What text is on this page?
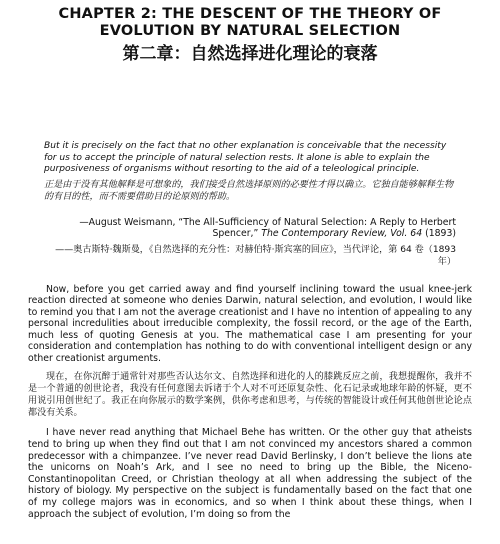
CHAPTER 2: THE DESCENT OF THE THEORY OF EVOLUTION BY NATURAL SELECTION
第二章：自然选择进化理论的衰落

But it is precisely on the fact that no other explanation is conceivable that the necessity for us to accept the principle of natural selection rests. It alone is able to explain the purposiveness of organisms without resorting to the aid of a teleological principle.

正是由于没有其他解释是可想象的，我们接受自然选择原则的必要性才得以确立。它独自能够解释生物的有目的性，而不需要借助目的论原则的帮助。

—August Weismann, “The All-Sufficiency of Natural Selection: A Reply to Herbert Spencer,” The Contemporary Review, Vol. 64 (1893)

——奥古斯特·魏斯曼，《自然选择的充分性：对赫伯特·斯宾塞的回应》，当代评论，第 64 卷（1893 年）

Now, before you get carried away and find yourself inclining toward the usual knee-jerk reaction directed at someone who denies Darwin, natural selection, and evolution, I would like to remind you that I am not the average creationist and I have no intention of appealing to any personal incredulities about irreducible complexity, the fossil record, or the age of the Earth, much less of quoting Genesis at you. The mathematical case I am presenting for your consideration and contemplation has nothing to do with conventional intelligent design or any other creationist arguments.

现在，在你沉醉于通常针对那些否认达尔文、自然选择和进化的人的膝跳反应之前，我想提醒你，我并不是一个普通的创世论者，我没有任何意图去诉诸于个人对不可还原复杂性、化石记录或地球年龄的怀疑，更不用说引用创世纪了。我正在向你展示的数学案例，供你考虑和思考，与传统的智能设计或任何其他创世论论点都没有关系。

I have never read anything that Michael Behe has written. Or the other guy that atheists tend to bring up when they find out that I am not convinced my ancestors shared a common predecessor with a chimpanzee. I’ve never read David Berlinsky, I don’t believe the lions ate the unicorns on Noah’s Ark, and I see no need to bring up the Bible, the Niceno-Constantinopolitan Creed, or Christian theology at all when addressing the subject of the history of biology. My perspective on the subject is fundamentally based on the fact that one of my college majors was in economics, and so when I think about these things, when I approach the subject of evolution, I’m doing so from the
